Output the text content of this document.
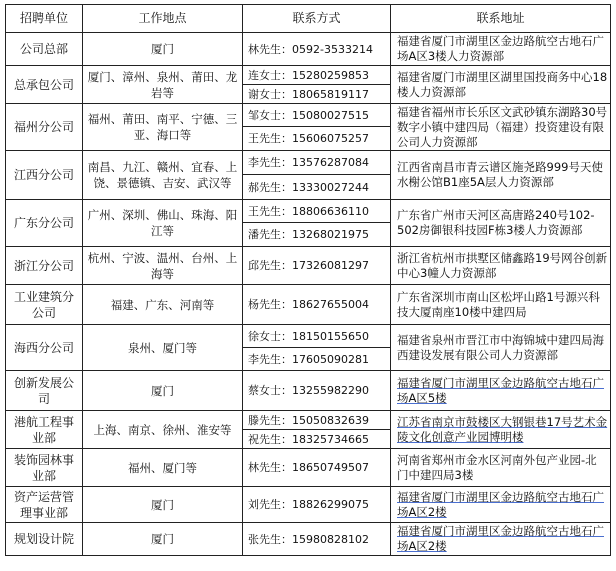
招聘单位	工作地点	联系方式	联系地址
公司总部	厦门	林先生：0592-3533214	福建省厦门市湖里区金边路航空古地石广场A区3楼人力资源部
总承包公司	厦门、漳州、泉州、莆田、龙岩等	连女士：15280259853	福建省厦门市湖里区湖里国投商务中心18楼人力资源部
		谢女士：18065819117	
福州分公司	福州、莆田、南平、宁德、三亚、海口等	邹女士：15080027515	福建省福州市长乐区文武砂镇东湖路30号数字小镇中建四局（福建）投资建设有限公司人力资源部
		王先生：15606075257	
江西分公司	南昌、九江、赣州、宜春、上饶、景德镇、吉安、武汉等	李先生：13576287084	江西省南昌市青云谱区施尧路999号天使水榭公馆B1座5A层人力资源部
		郝先生：13330027244	
广东分公司	广州、深圳、佛山、珠海、阳江等	王先生：18806636110	广东省广州市天河区高唐路240号102-502房御银科技园F栋3楼人力资源部
		潘先生：13268021975	
浙江分公司	杭州、宁波、温州、台州、上海等	邱先生：17326081297	浙江省杭州市拱墅区储鑫路19号网谷创新中心3幢人力资源部
工业建筑分公司	福建、广东、河南等	杨先生：18627655004	广东省深圳市南山区松坪山路1号源兴科技大厦南座10楼中建四局
海西分公司	泉州、厦门等	徐女士：18150155650	福建省泉州市晋江市中海锦城中建四局海西建设发展有限公司人力资源部
		李先生：17605090281	
创新发展公司	厦门	蔡女士：13255982290	福建省厦门市湖里区金边路航空古地石广场A区5楼
港航工程事业部	上海、南京、徐州、淮安等	滕先生：15050832639	江苏省南京市鼓楼区大钢银巷17号艺术金陵文化创意产业园博明楼
		祝先生：18325734665	
装饰园林事业部	福州、厦门等	林先生：18650749507	河南省郑州市金水区河南外包产业园-北门中建四局3楼
资产运营管理事业部	厦门	刘先生：18826299075	福建省厦门市湖里区金边路航空古地石广场A区2楼
规划设计院	厦门	张先生：15980828102	福建省厦门市湖里区金边路航空古地石广场A区2楼
